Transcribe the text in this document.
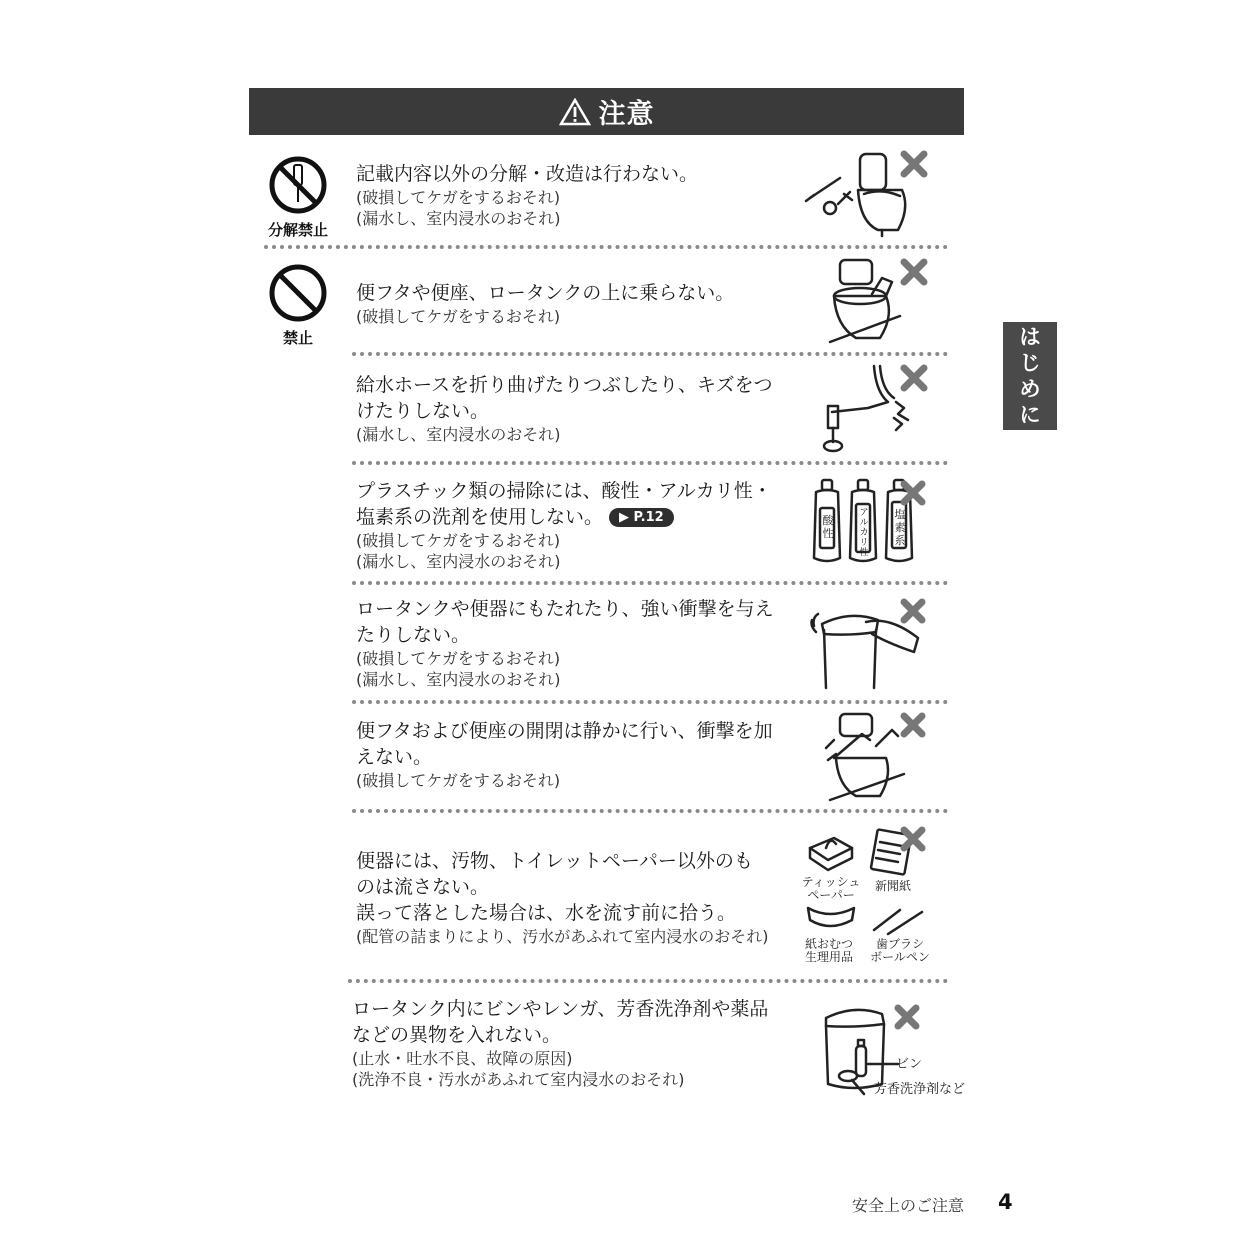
注意
は
じ
め
に
分解禁止
禁止
記載内容以外の分解・改造は行わない。
(破損してケガをするおそれ)
(漏水し、室内浸水のおそれ)
便フタや便座、ロータンクの上に乗らない。
(破損してケガをするおそれ)
給水ホースを折り曲げたりつぶしたり、キズをつ
けたりしない。
(漏水し、室内浸水のおそれ)
プラスチック類の掃除には、酸性・アルカリ性・
塩素系の洗剤を使用しない。 ▶ P.12
(破損してケガをするおそれ)
(漏水し、室内浸水のおそれ)
ロータンクや便器にもたれたり、強い衝撃を与え
たりしない。
(破損してケガをするおそれ)
(漏水し、室内浸水のおそれ)
便フタおよび便座の開閉は静かに行い、衝撃を加
えない。
(破損してケガをするおそれ)
便器には、汚物、トイレットペーパー以外のも
のは流さない。
誤って落とした場合は、水を流す前に拾う。
(配管の詰まりにより、汚水があふれて室内浸水のおそれ)
ロータンク内にビンやレンガ、芳香洗浄剤や薬品
などの異物を入れない。
(止水・吐水不良、故障の原因)
(洗浄不良・汚水があふれて室内浸水のおそれ)
酸性
アルカリ性
塩素系
ティッシュ
ペーパー
新聞紙
紙おむつ
生理用品
歯ブラシ
ボールペン
ビン
芳香洗浄剤など
安全上のご注意 4
